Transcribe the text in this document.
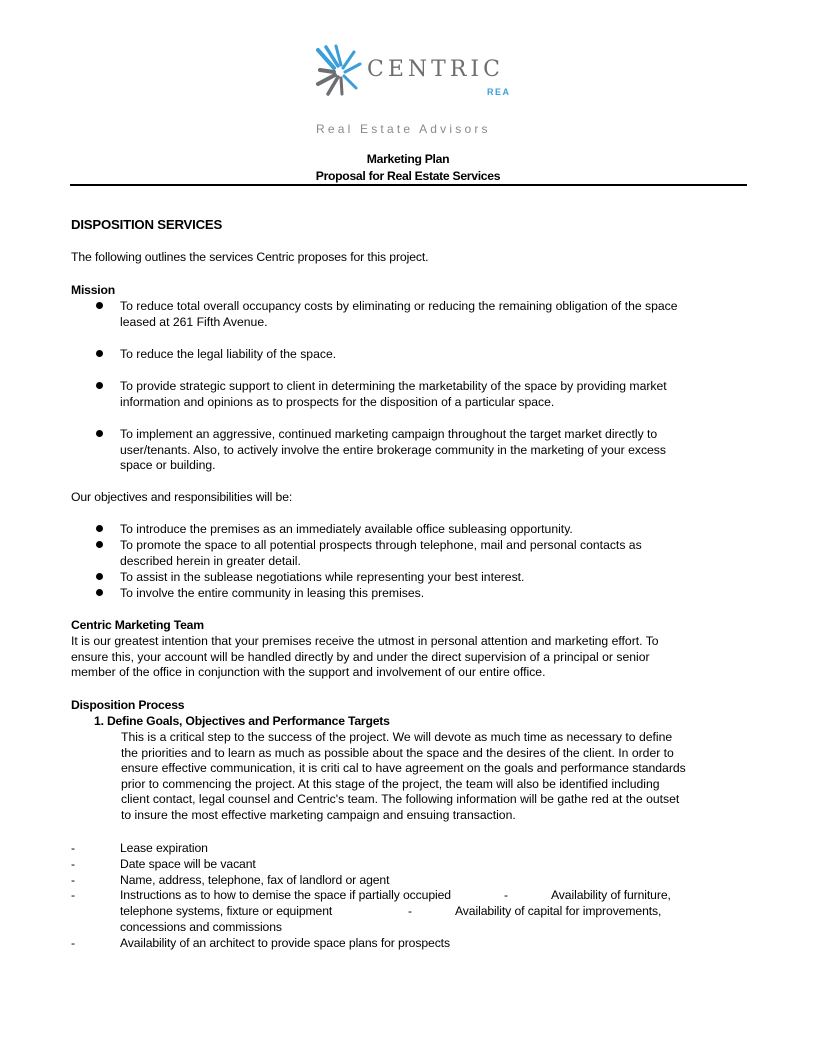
CENTRIC
REA
Real Estate Advisors
Marketing Plan
Proposal for Real Estate Services
DISPOSITION SERVICES
The following outlines the services Centric proposes for this project.
Mission
To reduce total overall occupancy costs by eliminating or reducing the remaining obligation of the space
leased at 261 Fifth Avenue.
To reduce the legal liability of the space.
To provide strategic support to client in determining the marketability of the space by providing market
information and opinions as to prospects for the disposition of a particular space.
To implement an aggressive, continued marketing campaign throughout the target market directly to
user/tenants. Also, to actively involve the entire brokerage community in the marketing of your excess
space or building.
Our objectives and responsibilities will be:
To introduce the premises as an immediately available office subleasing opportunity.
To promote the space to all potential prospects through telephone, mail and personal contacts as
described herein in greater detail.
To assist in the sublease negotiations while representing your best interest.
To involve the entire community in leasing this premises.
Centric Marketing Team
It is our greatest intention that your premises receive the utmost in personal attention and marketing effort. To
ensure this, your account will be handled directly by and under the direct supervision of a principal or senior
member of the office in conjunction with the support and involvement of our entire office.
Disposition Process
1. Define Goals, Objectives and Performance Targets
This is a critical step to the success of the project. We will devote as much time as necessary to define
the priorities and to learn as much as possible about the space and the desires of the client. In order to
ensure effective communication, it is criti cal to have agreement on the goals and performance standards
prior to commencing the project. At this stage of the project, the team will also be identified including
client contact, legal counsel and Centric's team. The following information will be gathe red at the outset
to insure the most effective marketing campaign and ensuing transaction.
-	Lease expiration
-	Date space will be vacant
-	Name, address, telephone, fax of landlord or agent
-	Instructions as to how to demise the space if partially occupied	-	Availability of furniture,
telephone systems, fixture or equipment	-	Availability of capital for improvements,
concessions and commissions
-	Availability of an architect to provide space plans for prospects
